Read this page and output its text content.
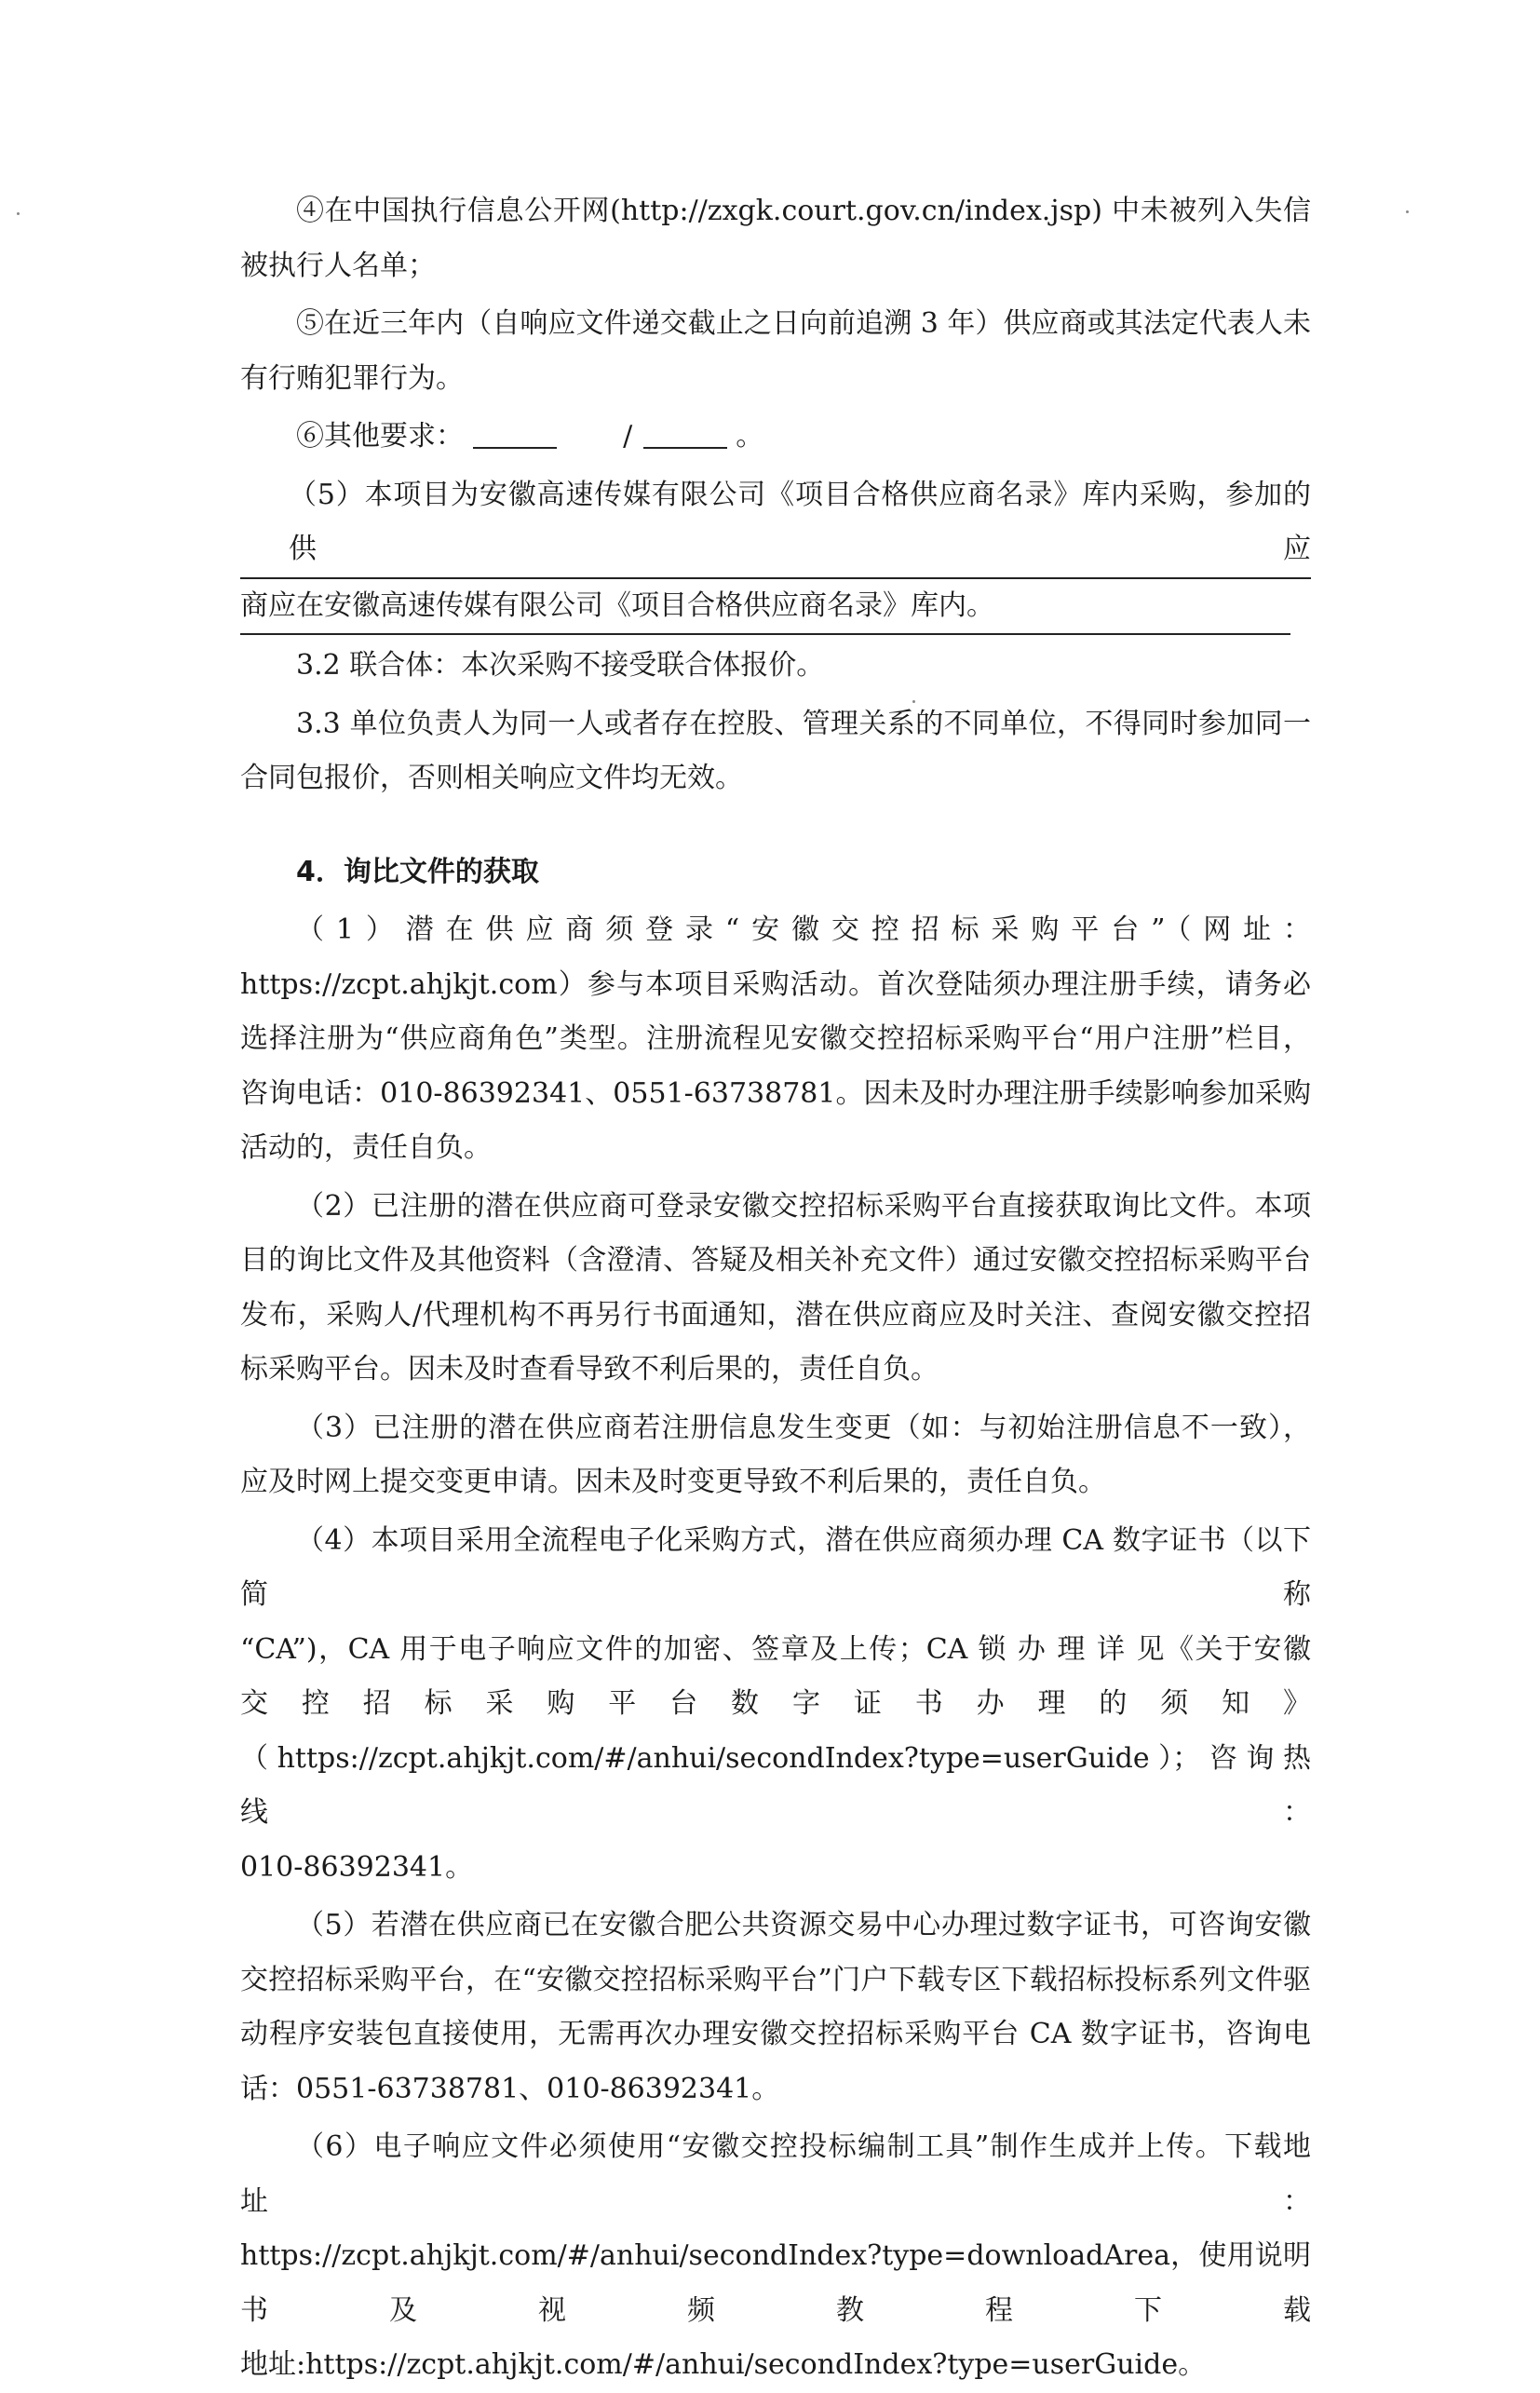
④在中国执行信息公开网(http://zxgk.court.gov.cn/index.jsp) 中未被列入失信被执行人名单；

⑤在近三年内（自响应文件递交截止之日向前追溯 3 年）供应商或其法定代表人未有行贿犯罪行为。

⑥其他要求：	/	。

（5）本项目为安徽高速传媒有限公司《项目合格供应商名录》库内采购，参加的供应

商应在安徽高速传媒有限公司《项目合格供应商名录》库内。

3.2 联合体：本次采购不接受联合体报价。

3.3 单位负责人为同一人或者存在控股、管理关系的不同单位，不得同时参加同一合同包报价，否则相关响应文件均无效。

4．询比文件的获取

（1）潜在供应商须登录“安徽交控招标采购平台”（网址：

https://zcpt.ahjkjt.com）参与本项目采购活动。首次登陆须办理注册手续，请务必选择注册为“供应商角色”类型。注册流程见安徽交控招标采购平台“用户注册”栏目， 咨询电话：010-86392341、0551-63738781。因未及时办理注册手续影响参加采购活动的，责任自负。

（2）已注册的潜在供应商可登录安徽交控招标采购平台直接获取询比文件。本项目的询比文件及其他资料（含澄清、答疑及相关补充文件）通过安徽交控招标采购平台发布，采购人/代理机构不再另行书面通知，潜在供应商应及时关注、查阅安徽交控招标采购平台。因未及时查看导致不利后果的，责任自负。

（3）已注册的潜在供应商若注册信息发生变更（如：与初始注册信息不一致）， 应及时网上提交变更申请。因未及时变更导致不利后果的，责任自负。

（4）本项目采用全流程电子化采购方式，潜在供应商须办理 CA 数字证书（以下简称

“CA”)，CA 用于电子响应文件的加密、签章及上传；CA 锁 办 理 详 见《关于安徽

交控招标采购平台数字证书办理的须知》

（ https://zcpt.ahjkjt.com/#/anhui/secondIndex?type=userGuide ）； 咨 询 热 线 ：

010-86392341。

（5）若潜在供应商已在安徽合肥公共资源交易中心办理过数字证书，可咨询安徽交控招标采购平台，在“安徽交控招标采购平台”门户下载专区下载招标投标系列文件驱动程序安装包直接使用，无需再次办理安徽交控招标采购平台 CA 数字证书，咨询电话：0551-63738781、010-86392341。

（6）电子响应文件必须使用“安徽交控投标编制工具”制作生成并上传。下载地址：

https://zcpt.ahjkjt.com/#/anhui/secondIndex?type=downloadArea，使用说明书及视频教程下载

地址:https://zcpt.ahjkjt.com/#/anhui/secondIndex?type=userGuide。
